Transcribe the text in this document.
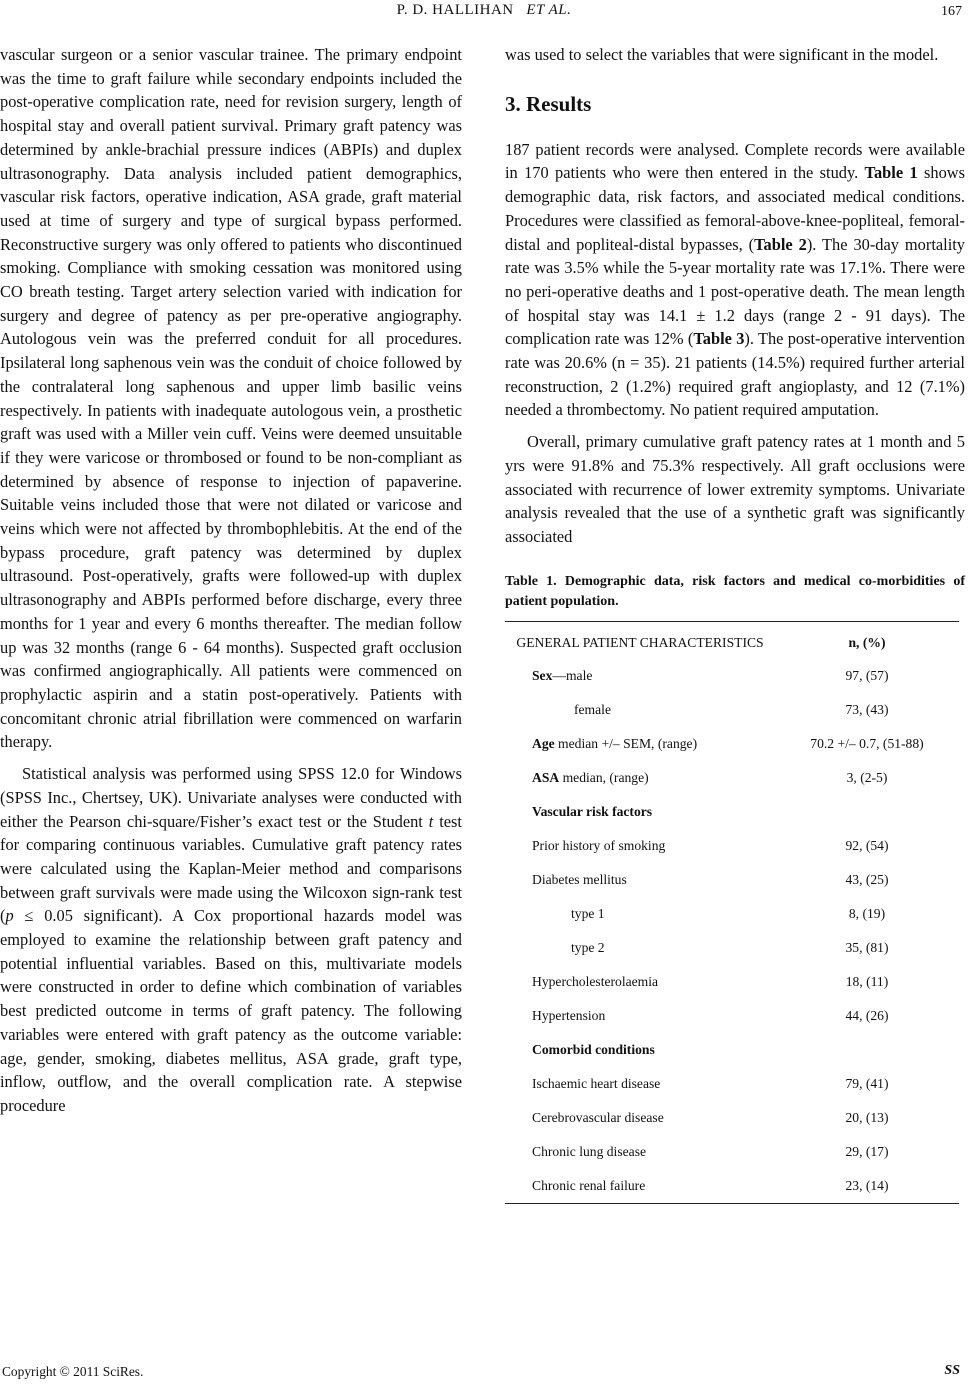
P. D. HALLIHAN ET AL.	167

vascular surgeon or a senior vascular trainee. The primary endpoint was the time to graft failure while secondary endpoints included the post-operative complication rate, need for revision surgery, length of hospital stay and overall patient survival. Primary graft patency was determined by ankle-brachial pressure indices (ABPIs) and duplex ultrasonography. Data analysis included patient demographics, vascular risk factors, operative indication, ASA grade, graft material used at time of surgery and type of surgical bypass performed. Reconstructive surgery was only offered to patients who discontinued smoking. Compliance with smoking cessation was monitored using CO breath testing. Target artery selection varied with indication for surgery and degree of patency as per pre-operative angiography. Autologous vein was the preferred conduit for all procedures. Ipsilateral long saphenous vein was the conduit of choice followed by the contralateral long saphenous and upper limb basilic veins respectively. In patients with inadequate autologous vein, a prosthetic graft was used with a Miller vein cuff. Veins were deemed unsuitable if they were varicose or thrombosed or found to be non-compliant as determined by absence of response to injection of papaverine. Suitable veins included those that were not dilated or varicose and veins which were not affected by thrombophlebitis. At the end of the bypass procedure, graft patency was determined by duplex ultrasound. Post-operatively, grafts were followed-up with duplex ultrasonography and ABPIs performed before discharge, every three months for 1 year and every 6 months thereafter. The median follow up was 32 months (range 6 - 64 months). Suspected graft occlusion was confirmed angiographically. All patients were commenced on prophylactic aspirin and a statin post-operatively. Patients with concomitant chronic atrial fibrillation were commenced on warfarin therapy.

Statistical analysis was performed using SPSS 12.0 for Windows (SPSS Inc., Chertsey, UK). Univariate analyses were conducted with either the Pearson chi-square/Fisher’s exact test or the Student t test for comparing continuous variables. Cumulative graft patency rates were calculated using the Kaplan-Meier method and comparisons between graft survivals were made using the Wilcoxon sign-rank test (p ≤ 0.05 significant). A Cox proportional hazards model was employed to examine the relationship between graft patency and potential influential variables. Based on this, multivariate models were constructed in order to define which combination of variables best predicted outcome in terms of graft patency. The following variables were entered with graft patency as the outcome variable: age, gender, smoking, diabetes mellitus, ASA grade, graft type, inflow, outflow, and the overall complication rate. A stepwise procedure

was used to select the variables that were significant in the model.

3. Results

187 patient records were analysed. Complete records were available in 170 patients who were then entered in the study. Table 1 shows demographic data, risk factors, and associated medical conditions. Procedures were classified as femoral-above-knee-popliteal, femoral-distal and popliteal-distal bypasses, (Table 2). The 30-day mortality rate was 3.5% while the 5-year mortality rate was 17.1%. There were no peri-operative deaths and 1 post-operative death. The mean length of hospital stay was 14.1 ± 1.2 days (range 2 - 91 days). The complication rate was 12% (Table 3). The post-operative intervention rate was 20.6% (n = 35). 21 patients (14.5%) required further arterial reconstruction, 2 (1.2%) required graft angioplasty, and 12 (7.1%) needed a thrombectomy. No patient required amputation.

Overall, primary cumulative graft patency rates at 1 month and 5 yrs were 91.8% and 75.3% respectively. All graft occlusions were associated with recurrence of lower extremity symptoms. Univariate analysis revealed that the use of a synthetic graft was significantly associated

Table 1. Demographic data, risk factors and medical co-morbidities of patient population.

GENERAL PATIENT CHARACTERISTICS	n, (%)
Sex—male	97, (57)
female	73, (43)
Age median +/– SEM, (range)	70.2 +/– 0.7, (51-88)
ASA median, (range)	3, (2-5)
Vascular risk factors	
Prior history of smoking	92, (54)
Diabetes mellitus	43, (25)
type 1	8, (19)
type 2	35, (81)
Hypercholesterolaemia	18, (11)
Hypertension	44, (26)
Comorbid conditions	
Ischaemic heart disease	79, (41)
Cerebrovascular disease	20, (13)
Chronic lung disease	29, (17)
Chronic renal failure	23, (14)
Copyright © 2011 SciRes.	SS
